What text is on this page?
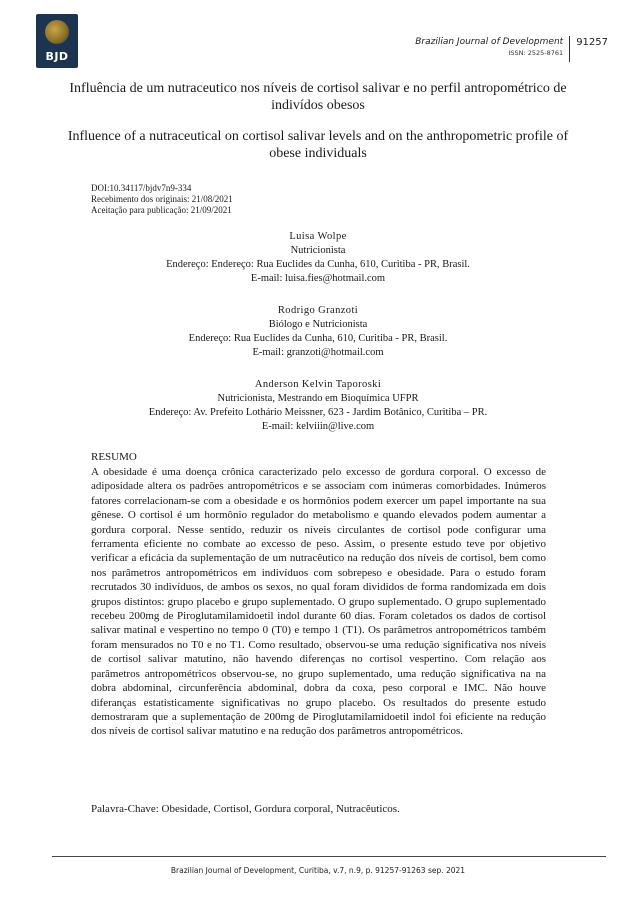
BJD
Brazilian Journal of Development
ISSN: 2525-8761
91257
Influência de um nutraceutico nos níveis de cortisol salivar e no perfil antropométrico de indivídos obesos
Influence of a nutraceutical on cortisol salivar levels and on the anthropometric profile of obese individuals
DOI:10.34117/bjdv7n9-334
Recebimento dos originais: 21/08/2021
Aceitação para publicação: 21/09/2021
Luisa Wolpe
Nutricionista
Endereço: Endereço: Rua Euclides da Cunha, 610, Curitiba - PR, Brasil.
E-mail: luisa.fies@hotmail.com
Rodrigo Granzoti
Biólogo e Nutricionista
Endereço: Rua Euclides da Cunha, 610, Curitiba - PR, Brasil.
E-mail: granzoti@hotmail.com
Anderson Kelvin Taporoski
Nutricionista, Mestrando em Bioquímica UFPR
Endereço: Av. Prefeito Lothário Meissner, 623 - Jardim Botânico, Curitiba – PR.
E-mail: kelviiin@live.com
RESUMO
A obesidade é uma doença crônica caracterizado pelo excesso de gordura corporal. O excesso de adiposidade altera os padrões antropométricos e se associam com inúmeras comorbidades. Inúmeros fatores correlacionam-se com a obesidade e os hormônios podem exercer um papel importante na sua gênese. O cortisol é um hormônio regulador do metabolismo e quando elevados podem aumentar a gordura corporal. Nesse sentido, reduzir os níveis circulantes de cortisol pode configurar uma ferramenta eficiente no combate ao excesso de peso. Assim, o presente estudo teve por objetivo verificar a eficácia da suplementação de um nutracêutico na redução dos níveis de cortisol, bem como nos parâmetros antropométricos em indivíduos com sobrepeso e obesidade. Para o estudo foram recrutados 30 indivíduos, de ambos os sexos, no qual foram divididos de forma randomizada em dois grupos distintos: grupo placebo e grupo suplementado. O grupo suplementado. O grupo suplementado recebeu 200mg de Piroglutamilamidoetil indol durante 60 dias. Foram coletados os dados de cortisol salivar matinal e vespertino no tempo 0 (T0) e tempo 1 (T1). Os parâmetros antropométricos também foram mensurados no T0 e no T1. Como resultado, observou-se uma redução significativa nos níveis de cortisol salivar matutino, não havendo diferenças no cortisol vespertino. Com relação aos parâmetros antropométricos observou-se, no grupo suplementado, uma redução significativa na na dobra abdominal, circunferência abdominal, dobra da coxa, peso corporal e IMC. Não houve diferanças estatisticamente significativas no grupo placebo. Os resultados do presente estudo demostraram que a suplementação de 200mg de Piroglutamilamidoetil indol foi eficiente na redução dos níveis de cortisol salivar matutino e na redução dos parâmetros antropométricos.
Palavra-Chave: Obesidade, Cortisol, Gordura corporal, Nutracêuticos.
Brazilian Journal of Development, Curitiba, v.7, n.9, p. 91257-91263 sep. 2021
